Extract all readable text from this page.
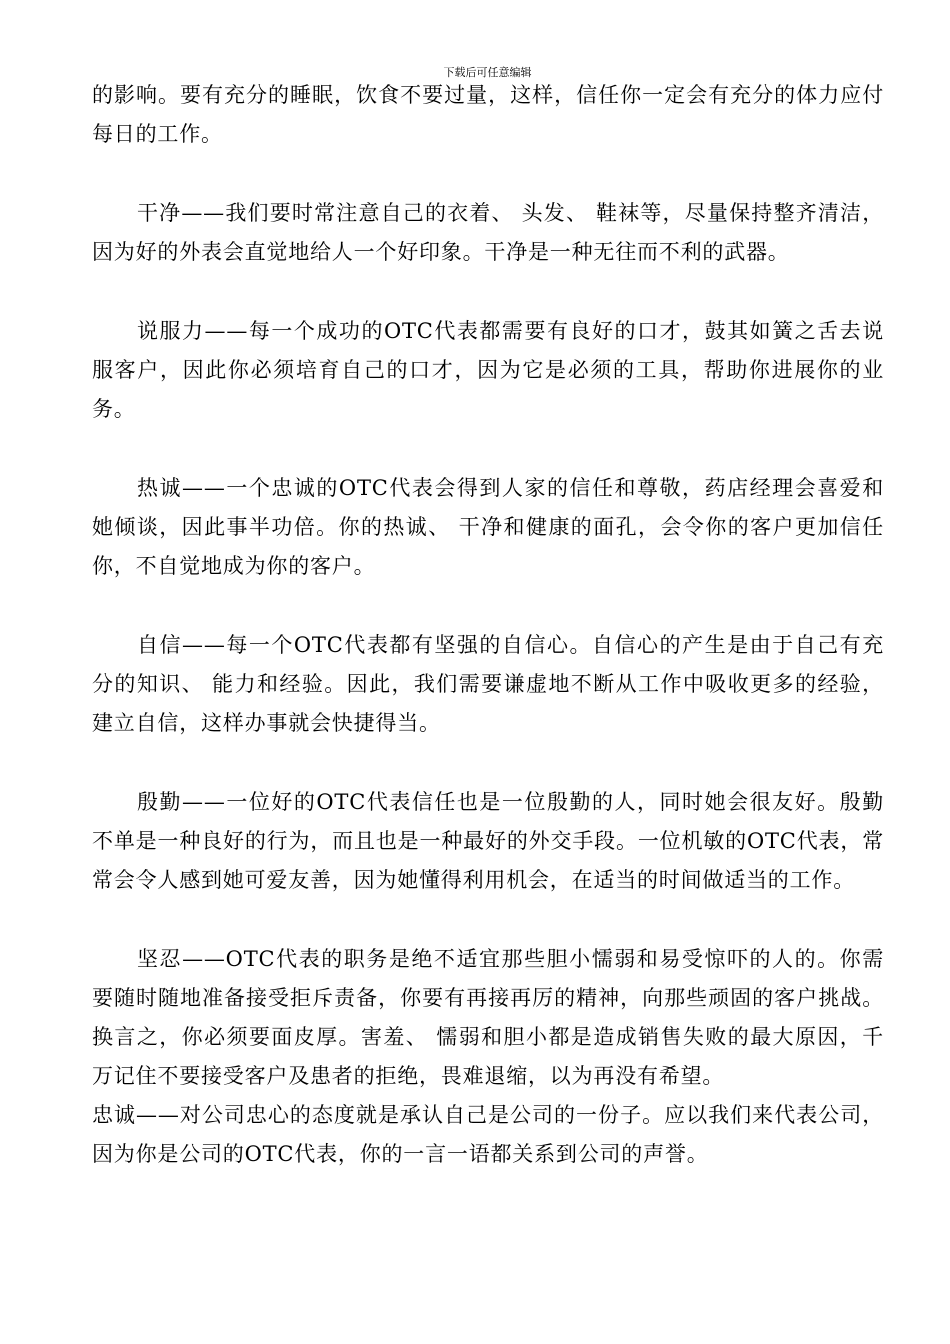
下载后可任意编辑

的影响。要有充分的睡眠，饮食不要过量，这样，信任你一定会有充分的体力应付每日的工作。

干净——我们要时常注意自己的衣着、 头发、 鞋袜等，尽量保持整齐清洁，因为好的外表会直觉地给人一个好印象。干净是一种无往而不利的武器。

说服力——每一个成功的OTC代表都需要有良好的口才，鼓其如簧之舌去说服客户，因此你必须培育自己的口才，因为它是必须的工具，帮助你进展你的业务。

热诚——一个忠诚的OTC代表会得到人家的信任和尊敬，药店经理会喜爱和她倾谈，因此事半功倍。你的热诚、 干净和健康的面孔，会令你的客户更加信任你，不自觉地成为你的客户。

自信——每一个OTC代表都有坚强的自信心。自信心的产生是由于自己有充分的知识、 能力和经验。因此，我们需要谦虚地不断从工作中吸收更多的经验，建立自信，这样办事就会快捷得当。

殷勤——一位好的OTC代表信任也是一位殷勤的人，同时她会很友好。殷勤不单是一种良好的行为，而且也是一种最好的外交手段。一位机敏的OTC代表，常常会令人感到她可爱友善，因为她懂得利用机会，在适当的时间做适当的工作。

坚忍——OTC代表的职务是绝不适宜那些胆小懦弱和易受惊吓的人的。你需要随时随地准备接受拒斥责备，你要有再接再厉的精神，向那些顽固的客户挑战。换言之，你必须要面皮厚。害羞、 懦弱和胆小都是造成销售失败的最大原因，千万记住不要接受客户及患者的拒绝，畏难退缩，以为再没有希望。

忠诚——对公司忠心的态度就是承认自己是公司的一份子。应以我们来代表公司，因为你是公司的OTC代表，你的一言一语都关系到公司的声誉。
